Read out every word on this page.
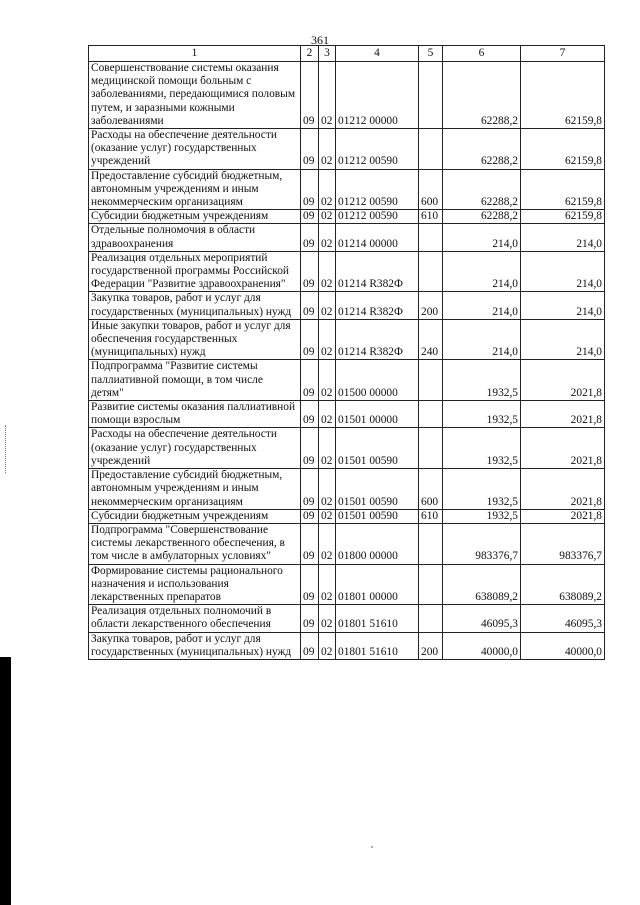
361
1	2	3	4	5	6	7
Совершенствование системы оказания медицинской помощи больным с заболеваниями, передающимися половым путем, и заразными кожными заболеваниями	09	02	01212 00000		62288,2	62159,8
Расходы на обеспечение деятельности (оказание услуг) государственных учреждений	09	02	01212 00590		62288,2	62159,8
Предоставление субсидий бюджетным, автономным учреждениям и иным некоммерческим организациям	09	02	01212 00590	600	62288,2	62159,8
Субсидии бюджетным учреждениям	09	02	01212 00590	610	62288,2	62159,8
Отдельные полномочия в области здравоохранения	09	02	01214 00000		214,0	214,0
Реализация отдельных мероприятий государственной программы Российской Федерации "Развитие здравоохранения"	09	02	01214 R382Ф		214,0	214,0
Закупка товаров, работ и услуг для государственных (муниципальных) нужд	09	02	01214 R382Ф	200	214,0	214,0
Иные закупки товаров, работ и услуг для обеспечения государственных (муниципальных) нужд	09	02	01214 R382Ф	240	214,0	214,0
Подпрограмма "Развитие системы паллиативной помощи, в том числе детям"	09	02	01500 00000		1932,5	2021,8
Развитие системы оказания паллиативной помощи взрослым	09	02	01501 00000		1932,5	2021,8
Расходы на обеспечение деятельности (оказание услуг) государственных учреждений	09	02	01501 00590		1932,5	2021,8
Предоставление субсидий бюджетным, автономным учреждениям и иным некоммерческим организациям	09	02	01501 00590	600	1932,5	2021,8
Субсидии бюджетным учреждениям	09	02	01501 00590	610	1932,5	2021,8
Подпрограмма "Совершенствование системы лекарственного обеспечения, в том числе в амбулаторных условиях"	09	02	01800 00000		983376,7	983376,7
Формирование системы рационального назначения и использования лекарственных препаратов	09	02	01801 00000		638089,2	638089,2
Реализация отдельных полномочий в области лекарственного обеспечения	09	02	01801 51610		46095,3	46095,3
Закупка товаров, работ и услуг для государственных (муниципальных) нужд	09	02	01801 51610	200	40000,0	40000,0
